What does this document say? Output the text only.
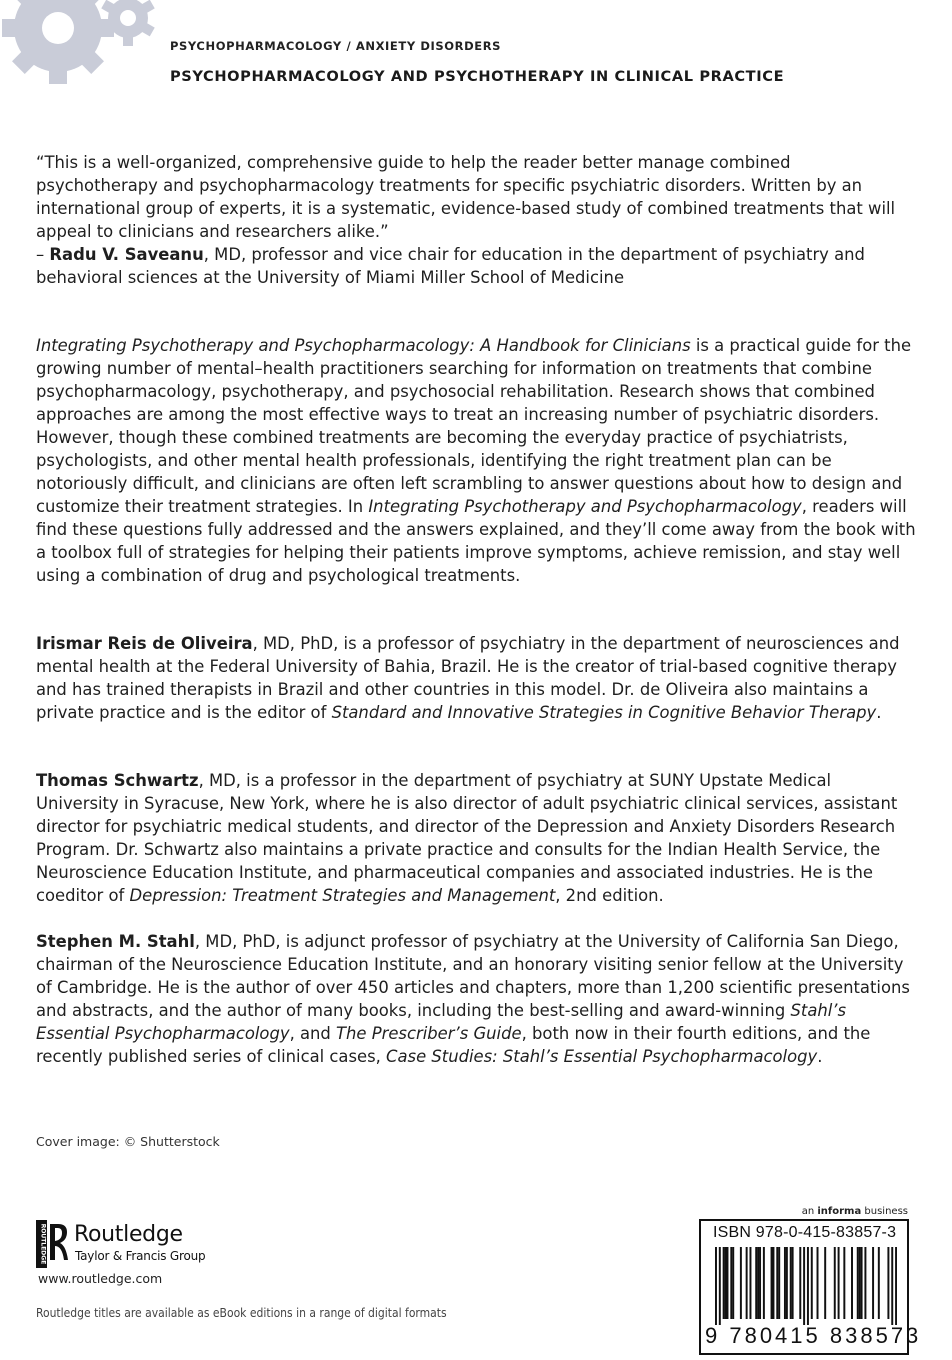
PSYCHOPHARMACOLOGY / ANXIETY DISORDERS
PSYCHOPHARMACOLOGY AND PSYCHOTHERAPY IN CLINICAL PRACTICE
“This is a well-organized, comprehensive guide to help the reader better manage combined psychotherapy and psychopharmacology treatments for specific psychiatric disorders. Written by an international group of experts, it is a systematic, evidence-based study of combined treatments that will appeal to clinicians and researchers alike.”
– Radu V. Saveanu, MD, professor and vice chair for education in the department of psychiatry and behavioral sciences at the University of Miami Miller School of Medicine
Integrating Psychotherapy and Psychopharmacology: A Handbook for Clinicians is a practical guide for the growing number of mental–health practitioners searching for information on treatments that combine psychopharmacology, psychotherapy, and psychosocial rehabilitation. Research shows that combined approaches are among the most effective ways to treat an increasing number of psychiatric disorders. However, though these combined treatments are becoming the everyday practice of psychiatrists, psychologists, and other mental health professionals, identifying the right treatment plan can be notoriously difficult, and clinicians are often left scrambling to answer questions about how to design and customize their treatment strategies. In Integrating Psychotherapy and Psychopharmacology, readers will find these questions fully addressed and the answers explained, and they’ll come away from the book with a toolbox full of strategies for helping their patients improve symptoms, achieve remission, and stay well using a combination of drug and psychological treatments.
Irismar Reis de Oliveira, MD, PhD, is a professor of psychiatry in the department of neurosciences and mental health at the Federal University of Bahia, Brazil. He is the creator of trial-based cognitive therapy and has trained therapists in Brazil and other countries in this model. Dr. de Oliveira also maintains a private practice and is the editor of Standard and Innovative Strategies in Cognitive Behavior Therapy.
Thomas Schwartz, MD, is a professor in the department of psychiatry at SUNY Upstate Medical University in Syracuse, New York, where he is also director of adult psychiatric clinical services, assistant director for psychiatric medical students, and director of the Depression and Anxiety Disorders Research Program. Dr. Schwartz also maintains a private practice and consults for the Indian Health Service, the Neuroscience Education Institute, and pharmaceutical companies and associated industries. He is the coeditor of Depression: Treatment Strategies and Management, 2nd edition.
Stephen M. Stahl, MD, PhD, is adjunct professor of psychiatry at the University of California San Diego, chairman of the Neuroscience Education Institute, and an honorary visiting senior fellow at the University of Cambridge. He is the author of over 450 articles and chapters, more than 1,200 scientific presentations and abstracts, and the author of many books, including the best-selling and award-winning Stahl’s Essential Psychopharmacology, and The Prescriber’s Guide, both now in their fourth editions, and the recently published series of clinical cases, Case Studies: Stahl’s Essential Psychopharmacology.
Cover image: © Shutterstock
ROUTLEDGE Routledge
Taylor & Francis Group
www.routledge.com
Routledge titles are available as eBook editions in a range of digital formats
an informa business
ISBN 978-0-415-83857-3
9 780415 838573
